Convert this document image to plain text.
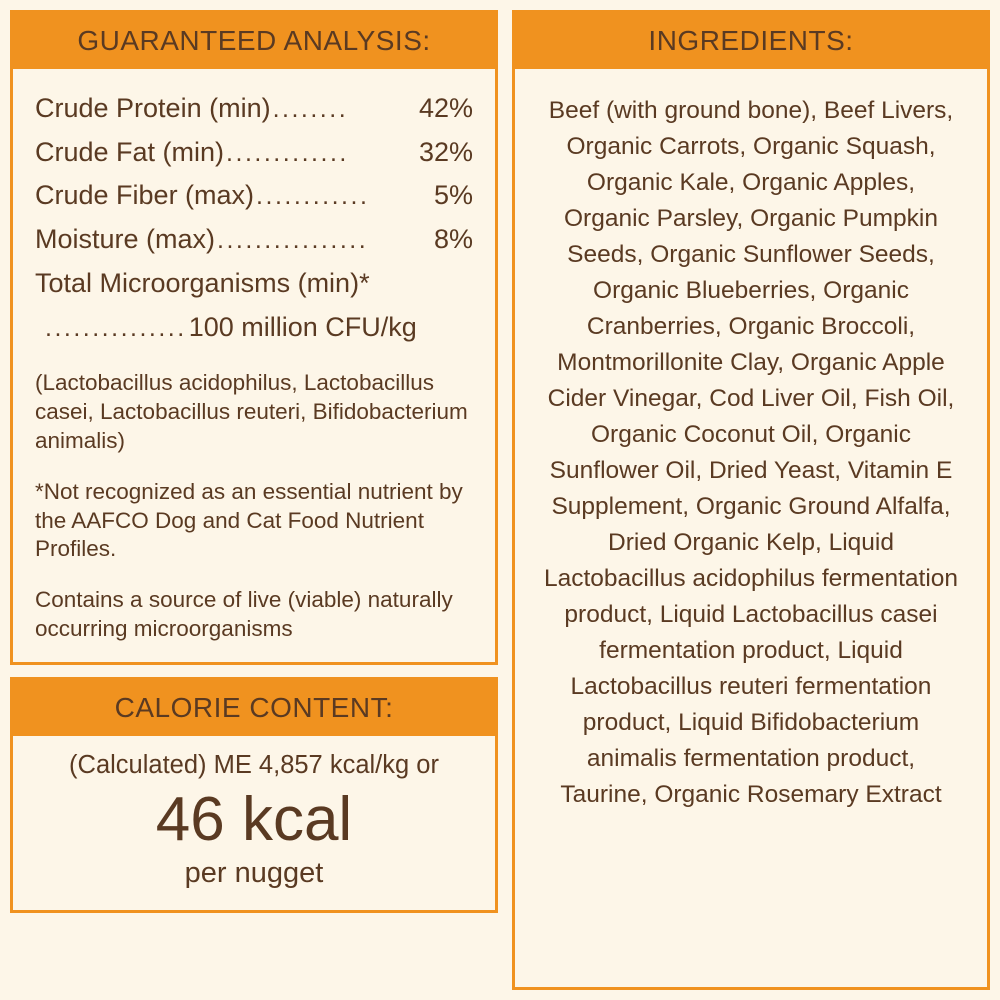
GUARANTEED ANALYSIS:
Crude Protein (min) ........	42%
Crude Fat (min) .............	32%
Crude Fiber (max) ............	5%
Moisture (max) ................	8%
Total Microorganisms (min)*
............... 100 million CFU/kg
(Lactobacillus acidophilus, Lactobacillus casei, Lactobacillus reuteri, Bifidobacterium animalis)
*Not recognized as an essential nutrient by the AAFCO Dog and Cat Food Nutrient Profiles.
Contains a source of live (viable) naturally occurring microorganisms
CALORIE CONTENT:
(Calculated) ME 4,857 kcal/kg or
46 kcal
per nugget
INGREDIENTS:
Beef (with ground bone), Beef Livers, Organic Carrots, Organic Squash, Organic Kale, Organic Apples, Organic Parsley, Organic Pumpkin Seeds, Organic Sunflower Seeds, Organic Blueberries, Organic Cranberries, Organic Broccoli, Montmorillonite Clay, Organic Apple Cider Vinegar, Cod Liver Oil, Fish Oil, Organic Coconut Oil, Organic Sunflower Oil, Dried Yeast, Vitamin E Supplement, Organic Ground Alfalfa, Dried Organic Kelp, Liquid Lactobacillus acidophilus fermentation product, Liquid Lactobacillus casei fermentation product, Liquid Lactobacillus reuteri fermentation product, Liquid Bifidobacterium animalis fermentation product, Taurine, Organic Rosemary Extract
